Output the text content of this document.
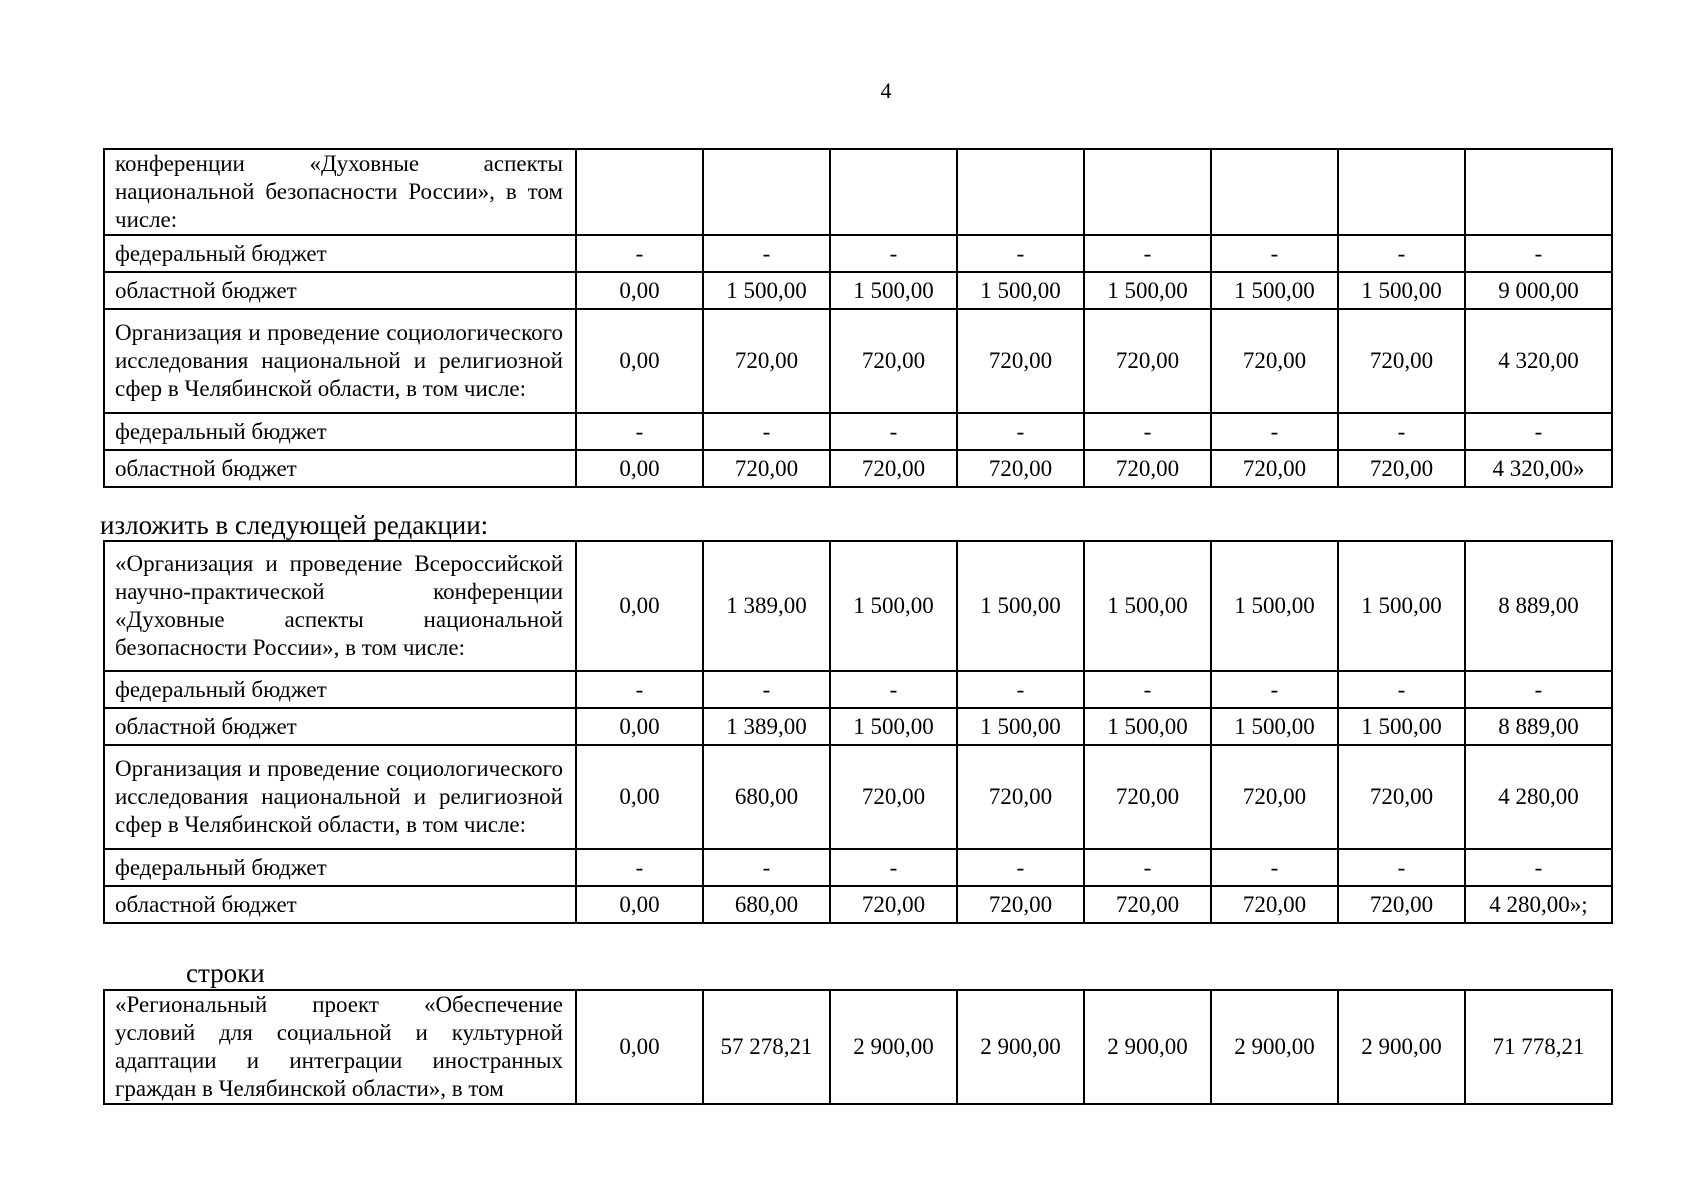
4
конференции «Духовные аспекты национальной безопасности России», в том числе:								
федеральный бюджет	-	-	-	-	-	-	-	-
областной бюджет	0,00	1 500,00	1 500,00	1 500,00	1 500,00	1 500,00	1 500,00	9 000,00
Организация и проведение социологического исследования национальной и религиозной сфер в Челябинской области, в том числе:	0,00	720,00	720,00	720,00	720,00	720,00	720,00	4 320,00
федеральный бюджет	-	-	-	-	-	-	-	-
областной бюджет	0,00	720,00	720,00	720,00	720,00	720,00	720,00	4 320,00»
изложить в следующей редакции:
«Организация и проведение Всероссийской научно-практической конференции «Духовные аспекты национальной безопасности России», в том числе:	0,00	1 389,00	1 500,00	1 500,00	1 500,00	1 500,00	1 500,00	8 889,00
федеральный бюджет	-	-	-	-	-	-	-	-
областной бюджет	0,00	1 389,00	1 500,00	1 500,00	1 500,00	1 500,00	1 500,00	8 889,00
Организация и проведение социологического исследования национальной и религиозной сфер в Челябинской области, в том числе:	0,00	680,00	720,00	720,00	720,00	720,00	720,00	4 280,00
федеральный бюджет	-	-	-	-	-	-	-	-
областной бюджет	0,00	680,00	720,00	720,00	720,00	720,00	720,00	4 280,00»;
строки
«Региональный проект «Обеспечение условий для социальной и культурной адаптации и интеграции иностранных граждан в Челябинской области», в том	0,00	57 278,21	2 900,00	2 900,00	2 900,00	2 900,00	2 900,00	71 778,21
